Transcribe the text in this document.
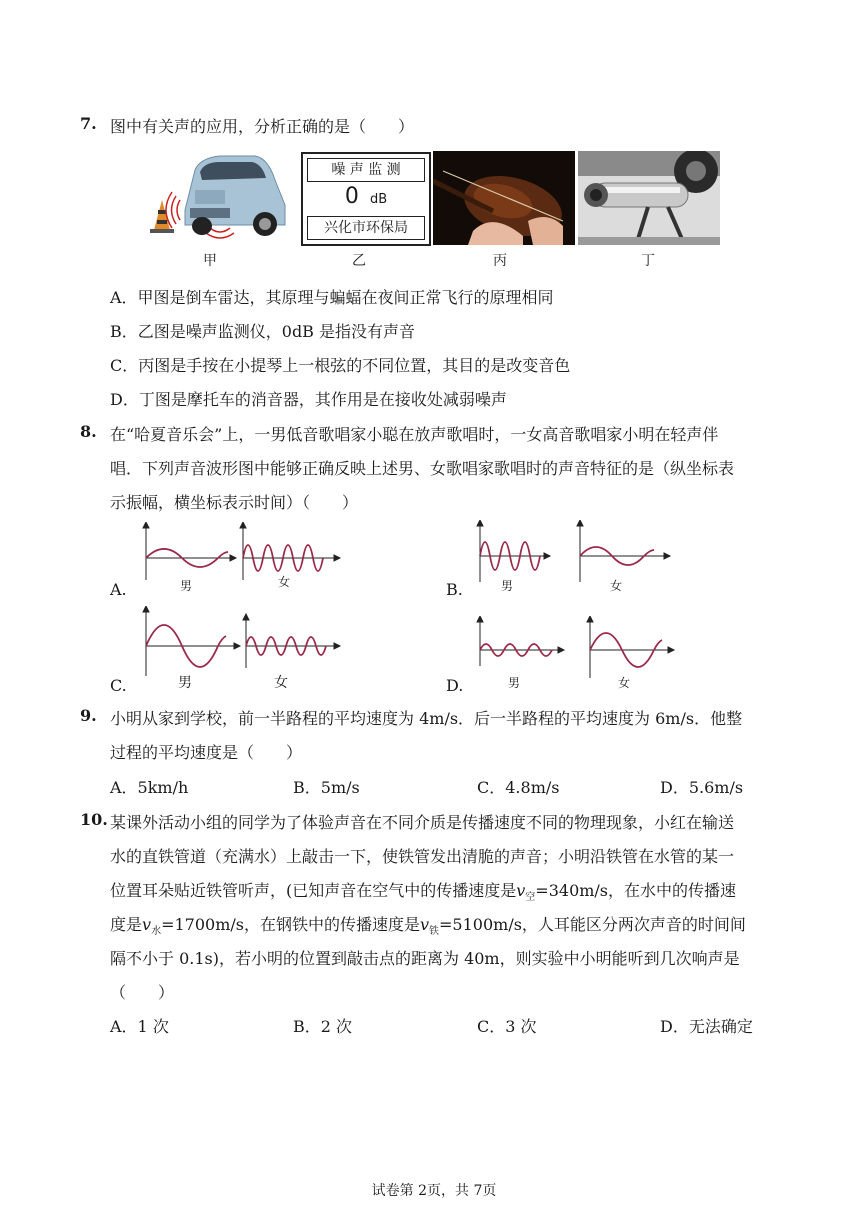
7. 图中有关声的应用，分析正确的是（　　）
噪 声 监 测
0 dB
兴化市环保局
甲	乙	丙	丁
A．甲图是倒车雷达，其原理与蝙蝠在夜间正常飞行的原理相同
B．乙图是噪声监测仪，0dB 是指没有声音
C．丙图是手按在小提琴上一根弦的不同位置，其目的是改变音色
D．丁图是摩托车的消音器，其作用是在接收处减弱噪声
8. 在“哈夏音乐会”上，一男低音歌唱家小聪在放声歌唱时，一女高音歌唱家小明在轻声伴
唱．下列声音波形图中能够正确反映上述男、女歌唱家歌唱时的声音特征的是（纵坐标表
示振幅，横坐标表示时间）（　　）
A.	男	女	B.	男	女
C.	男	女	D.	男	女
9. 小明从家到学校，前一半路程的平均速度为 4m/s．后一半路程的平均速度为 6m/s．他整
过程的平均速度是（　　）
A．5km/h	B．5m/s	C．4.8m/s	D．5.6m/s
10. 某课外活动小组的同学为了体验声音在不同介质是传播速度不同的物理现象，小红在输送
水的直铁管道（充满水）上敲击一下，使铁管发出清脆的声音；小明沿铁管在水管的某一
位置耳朵贴近铁管听声，(已知声音在空气中的传播速度是$v_空=340m/s$，在水中的传播速
度是$v_水=1700m/s$，在钢铁中的传播速度是$v_铁=5100m/s$，人耳能区分两次声音的时间间
隔不小于 0.1s)，若小明的位置到敲击点的距离为 40m，则实验中小明能听到几次响声是
（　　）
A．1 次	B．2 次	C．3 次	D．无法确定
试卷第 2页，共 7页
